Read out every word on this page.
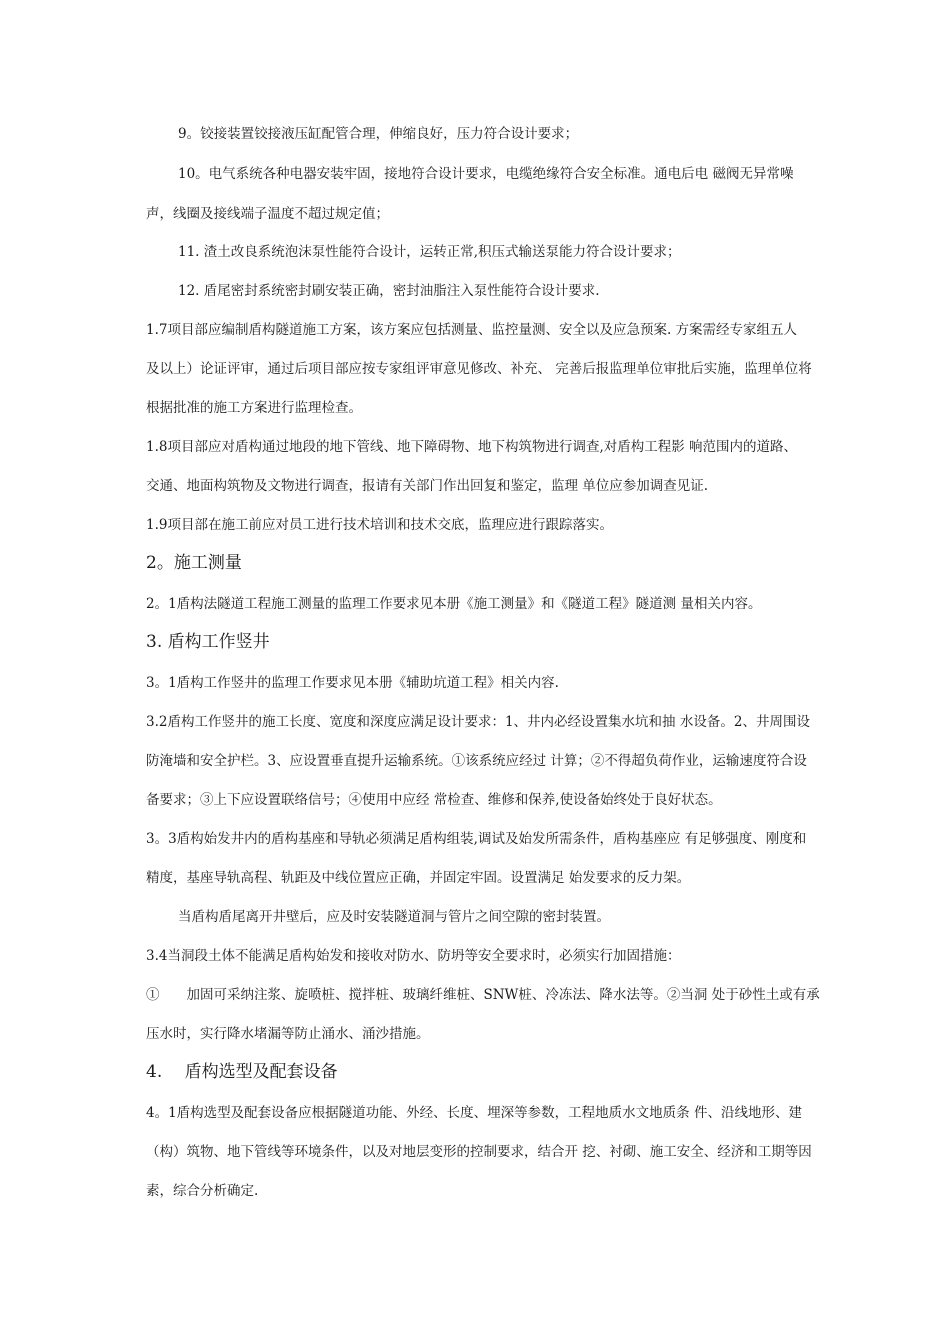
9。铰接装置铰接液压缸配管合理，伸缩良好，压力符合设计要求；
10。电气系统各种电器安装牢固，接地符合设计要求，电缆绝缘符合安全标准。通电后电 磁阀无异常噪
声，线圈及接线端子温度不超过规定值；
11. 渣土改良系统泡沫泵性能符合设计，运转正常,积压式输送泵能力符合设计要求；
12. 盾尾密封系统密封刷安装正确，密封油脂注入泵性能符合设计要求.
1.7项目部应编制盾构隧道施工方案，该方案应包括测量、监控量测、安全以及应急预案. 方案需经专家组五人
及以上）论证评审，通过后项目部应按专家组评审意见修改、补充、 完善后报监理单位审批后实施，监理单位将
根据批准的施工方案进行监理检查。
1.8项目部应对盾构通过地段的地下管线、地下障碍物、地下构筑物进行调查,对盾构工程影 响范围内的道路、
交通、地面构筑物及文物进行调查，报请有关部门作出回复和鉴定，监理 单位应参加调查见证.
1.9项目部在施工前应对员工进行技术培训和技术交底，监理应进行跟踪落实。
2。施工测量
2。1盾构法隧道工程施工测量的监理工作要求见本册《施工测量》和《隧道工程》隧道测 量相关内容。
3. 盾构工作竖井
3。1盾构工作竖井的监理工作要求见本册《辅助坑道工程》相关内容.
3.2盾构工作竖井的施工长度、宽度和深度应满足设计要求：1、井内必经设置集水坑和抽 水设备。2、井周围设
防淹墙和安全护栏。3、应设置垂直提升运输系统。①该系统应经过 计算；②不得超负荷作业，运输速度符合设
备要求；③上下应设置联络信号；④使用中应经 常检查、维修和保养,使设备始终处于良好状态。
3。3盾构始发井内的盾构基座和导轨必须满足盾构组装,调试及始发所需条件，盾构基座应 有足够强度、刚度和
精度，基座导轨高程、轨距及中线位置应正确，并固定牢固。设置满足 始发要求的反力架。
当盾构盾尾离开井壁后，应及时安装隧道洞与管片之间空隙的密封装置。
3.4当洞段土体不能满足盾构始发和接收对防水、防坍等安全要求时，必须实行加固措施：
①　　加固可采纳注浆、旋喷桩、搅拌桩、玻璃纤维桩、SNW桩、冷冻法、降水法等。②当洞 处于砂性土或有承
压水时，实行降水堵漏等防止涌水、涌沙措施。
4.　 盾构选型及配套设备
4。1盾构选型及配套设备应根据隧道功能、外经、长度、埋深等参数，工程地质水文地质条 件、沿线地形、建
（构）筑物、地下管线等环境条件，以及对地层变形的控制要求，结合开 挖、衬砌、施工安全、经济和工期等因
素，综合分析确定.
